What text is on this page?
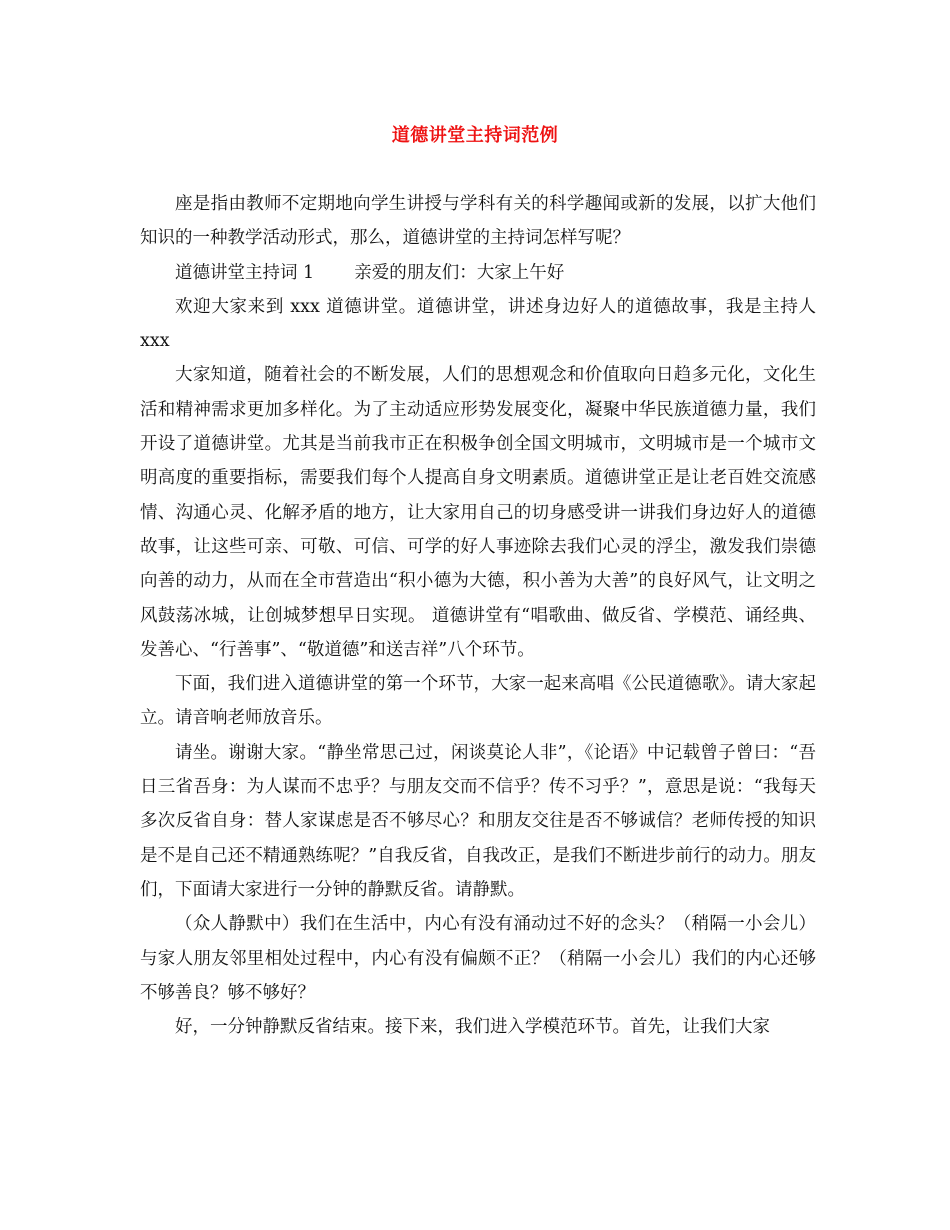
道德讲堂主持词范例

座是指由教师不定期地向学生讲授与学科有关的科学趣闻或新的发展，以扩大他们知识的一种教学活动形式，那么，道德讲堂的主持词怎样写呢？

道德讲堂主持词 1 亲爱的朋友们：大家上午好

欢迎大家来到 xxx 道德讲堂。道德讲堂，讲述身边好人的道德故事，我是主持人 xxx

大家知道，随着社会的不断发展，人们的思想观念和价值取向日趋多元化，文化生活和精神需求更加多样化。为了主动适应形势发展变化，凝聚中华民族道德力量，我们开设了道德讲堂。尤其是当前我市正在积极争创全国文明城市，文明城市是一个城市文明高度的重要指标，需要我们每个人提高自身文明素质。道德讲堂正是让老百姓交流感情、沟通心灵、化解矛盾的地方，让大家用自己的切身感受讲一讲我们身边好人的道德故事，让这些可亲、可敬、可信、可学的好人事迹除去我们心灵的浮尘，激发我们崇德向善的动力，从而在全市营造出“积小德为大德，积小善为大善”的良好风气，让文明之风鼓荡冰城，让创城梦想早日实现。 道德讲堂有“唱歌曲、做反省、学模范、诵经典、发善心、“行善事”、“敬道德”和送吉祥”八个环节。

下面，我们进入道德讲堂的第一个环节，大家一起来高唱《公民道德歌》。请大家起立。请音响老师放音乐。

请坐。谢谢大家。“静坐常思己过，闲谈莫论人非”，《论语》中记载曾子曾曰：“吾日三省吾身：为人谋而不忠乎？与朋友交而不信乎？传不习乎？”，意思是说：“我每天多次反省自身：替人家谋虑是否不够尽心？和朋友交往是否不够诚信？老师传授的知识是不是自己还不精通熟练呢？”自我反省，自我改正，是我们不断进步前行的动力。朋友们，下面请大家进行一分钟的静默反省。请静默。

（众人静默中）我们在生活中，内心有没有涌动过不好的念头？（稍隔一小会儿）与家人朋友邻里相处过程中，内心有没有偏颇不正？（稍隔一小会儿）我们的内心还够不够善良？够不够好？

好，一分钟静默反省结束。接下来，我们进入学模范环节。首先，让我们大家
